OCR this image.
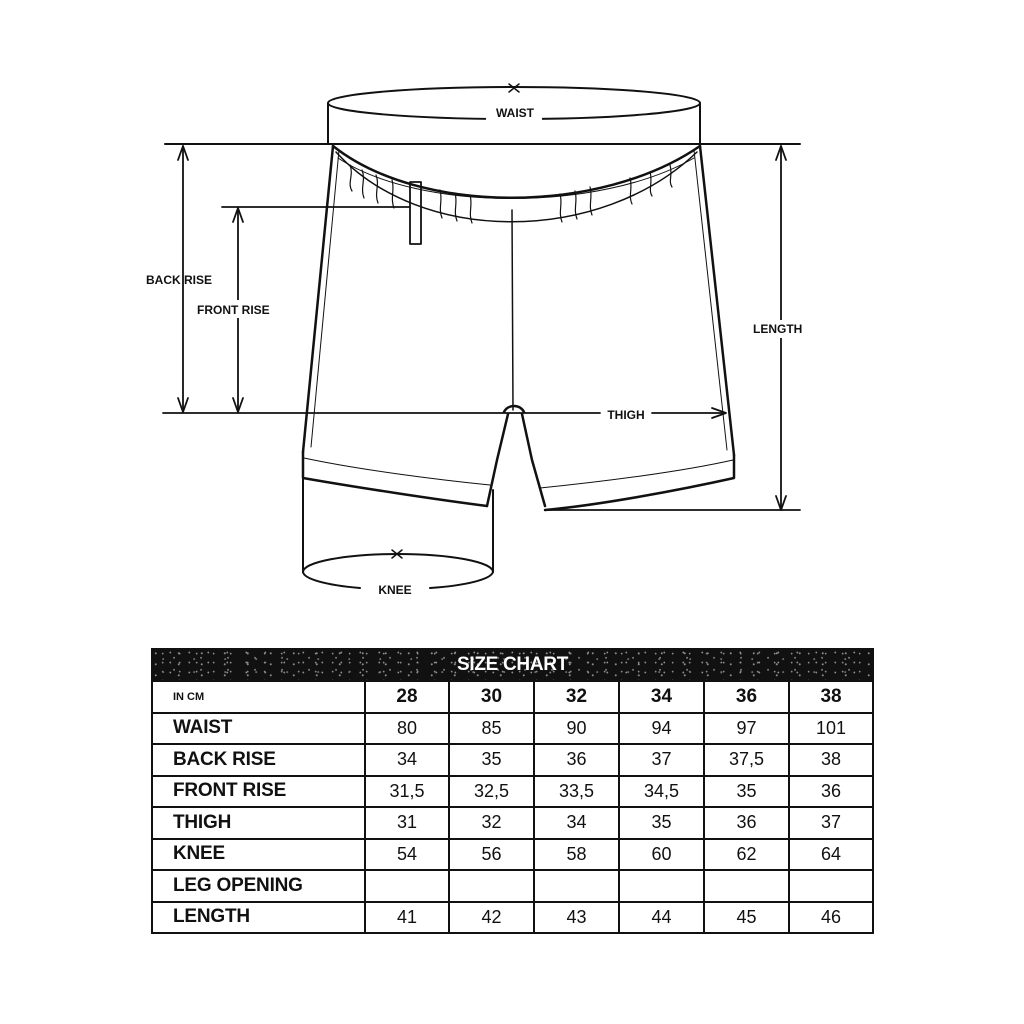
WAIST
BACK RISE
FRONT RISE
LENGTH
THIGH
KNEE
SIZE CHART						
IN CM	28	30	32	34	36	38
WAIST	80	85	90	94	97	101
BACK RISE	34	35	36	37	37,5	38
FRONT RISE	31,5	32,5	33,5	34,5	35	36
THIGH	31	32	34	35	36	37
KNEE	54	56	58	60	62	64
LEG OPENING						
LENGTH	41	42	43	44	45	46
